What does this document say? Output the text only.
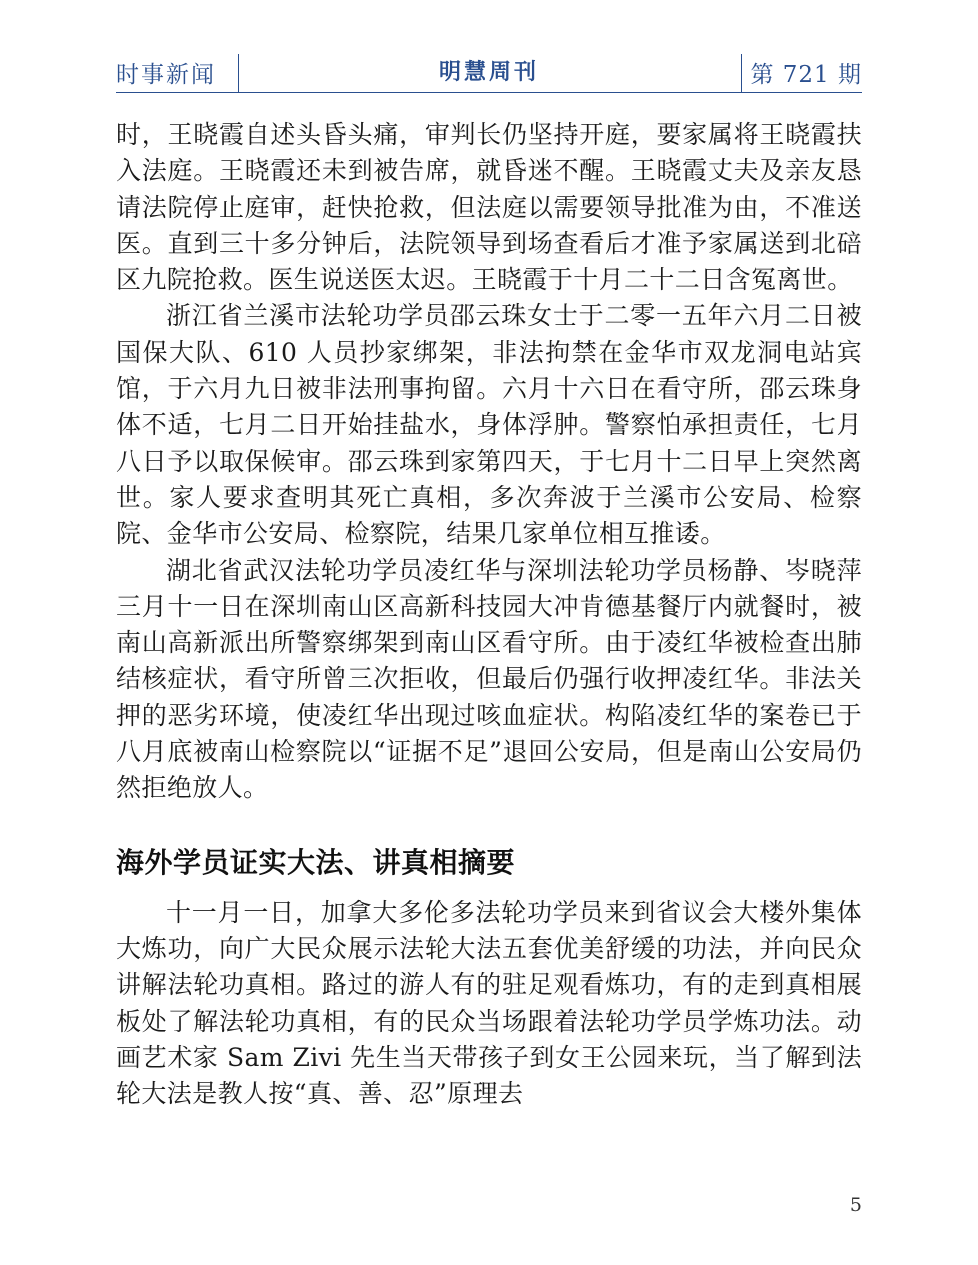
时事新闻	明慧周刊	第 721 期

时，王晓霞自述头昏头痛，审判长仍坚持开庭，要家属将王晓霞扶入法庭。王晓霞还未到被告席，就昏迷不醒。王晓霞丈夫及亲友恳请法院停止庭审，赶快抢救，但法庭以需要领导批准为由，不准送医。直到三十多分钟后，法院领导到场查看后才准予家属送到北碚区九院抢救。医生说送医太迟。王晓霞于十月二十二日含冤离世。

浙江省兰溪市法轮功学员邵云珠女士于二零一五年六月二日被国保大队、610 人员抄家绑架，非法拘禁在金华市双龙洞电站宾馆，于六月九日被非法刑事拘留。六月十六日在看守所，邵云珠身体不适，七月二日开始挂盐水，身体浮肿。警察怕承担责任，七月八日予以取保候审。邵云珠到家第四天，于七月十二日早上突然离世。家人要求查明其死亡真相，多次奔波于兰溪市公安局、检察院、金华市公安局、检察院，结果几家单位相互推诿。

湖北省武汉法轮功学员凌红华与深圳法轮功学员杨静、岑晓萍三月十一日在深圳南山区高新科技园大冲肯德基餐厅内就餐时，被南山高新派出所警察绑架到南山区看守所。由于凌红华被检查出肺结核症状，看守所曾三次拒收，但最后仍强行收押凌红华。非法关押的恶劣环境，使凌红华出现过咳血症状。构陷凌红华的案卷已于八月底被南山检察院以“证据不足”退回公安局，但是南山公安局仍然拒绝放人。

海外学员证实大法、讲真相摘要

十一月一日，加拿大多伦多法轮功学员来到省议会大楼外集体大炼功，向广大民众展示法轮大法五套优美舒缓的功法，并向民众讲解法轮功真相。路过的游人有的驻足观看炼功，有的走到真相展板处了解法轮功真相，有的民众当场跟着法轮功学员学炼功法。动画艺术家 Sam Zivi 先生当天带孩子到女王公园来玩，当了解到法轮大法是教人按“真、善、忍”原理去

5
